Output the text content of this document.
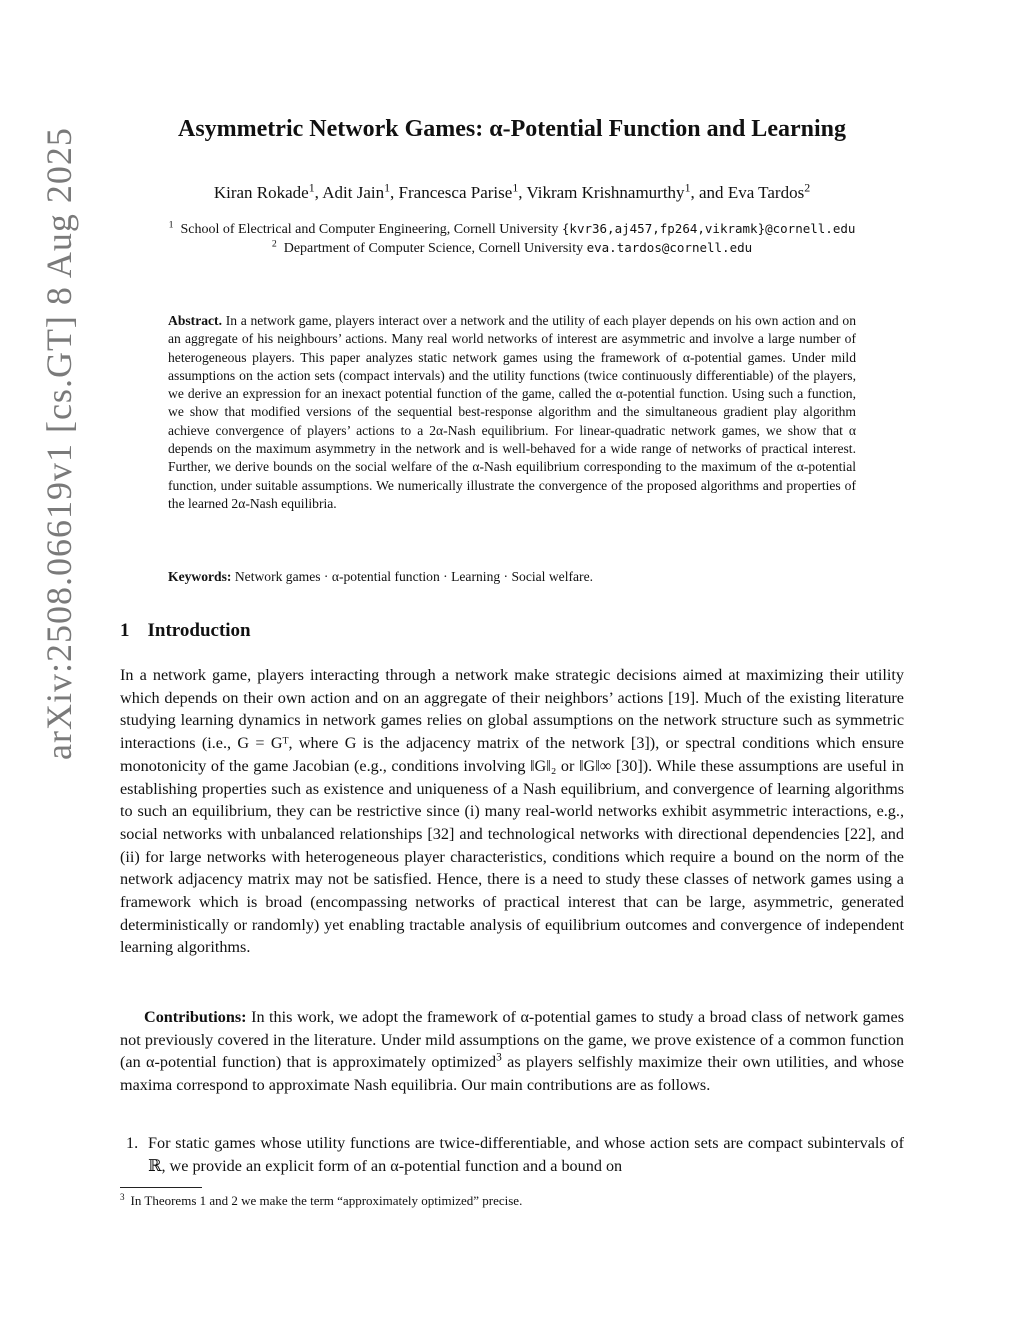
arXiv:2508.06619v1 [cs.GT] 8 Aug 2025	Asymmetric Network Games: α-Potential Function and Learning
Kiran Rokade$^1$, Adit Jain$^1$, Francesca Parise$^1$, Vikram Krishnamurthy$^1$, and Eva Tardos$^2$
$^1$ School of Electrical and Computer Engineering, Cornell University {kvr36,aj457,fp264,vikramk}@cornell.edu
$^2$ Department of Computer Science, Cornell University eva.tardos@cornell.edu
Abstract. In a network game, players interact over a network and the utility of each player depends on his own action and on an aggregate of his neighbours’ actions. Many real world networks of interest are asymmetric and involve a large number of heterogeneous players. This paper analyzes static network games using the framework of α-potential games. Under mild assumptions on the action sets (compact intervals) and the utility functions (twice continuously differentiable) of the players, we derive an expression for an inexact potential function of the game, called the α-potential function. Using such a function, we show that modified versions of the sequential best-response algorithm and the simultaneous gradient play algorithm achieve convergence of players’ actions to a 2α-Nash equilibrium. For linear-quadratic network games, we show that α depends on the maximum asymmetry in the network and is well-behaved for a wide range of networks of practical interest. Further, we derive bounds on the social welfare of the α-Nash equilibrium corresponding to the maximum of the α-potential function, under suitable assumptions. We numerically illustrate the convergence of the proposed algorithms and properties of the learned 2α-Nash equilibria.
Keywords: Network games · α-potential function · Learning · Social welfare.
1 Introduction
In a network game, players interacting through a network make strategic decisions aimed at maximizing their utility which depends on their own action and on an aggregate of their neighbors’ actions [19]. Much of the existing literature studying learning dynamics in network games relies on global assumptions on the network structure such as symmetric interactions (i.e., G = Gᵀ, where G is the adjacency matrix of the network [3]), or spectral conditions which ensure monotonicity of the game Jacobian (e.g., conditions involving ‖G‖₂ or ‖G‖∞ [30]). While these assumptions are useful in establishing properties such as existence and uniqueness of a Nash equilibrium, and convergence of learning algorithms to such an equilibrium, they can be restrictive since (i) many real-world networks exhibit asymmetric interactions, e.g., social networks with unbalanced relationships [32] and technological networks with directional dependencies [22], and (ii) for large networks with heterogeneous player characteristics, conditions which require a bound on the norm of the network adjacency matrix may not be satisfied. Hence, there is a need to study these classes of network games using a framework which is broad (encompassing networks of practical interest that can be large, asymmetric, generated deterministically or randomly) yet enabling tractable analysis of equilibrium outcomes and convergence of independent learning algorithms.
Contributions: In this work, we adopt the framework of α-potential games to study a broad class of network games not previously covered in the literature. Under mild assumptions on the game, we prove existence of a common function (an α-potential function) that is approximately optimized$^3$ as players selfishly maximize their own utilities, and whose maxima correspond to approximate Nash equilibria. Our main contributions are as follows.
1. For static games whose utility functions are twice-differentiable, and whose action sets are compact subintervals of ℝ, we provide an explicit form of an α-potential function and a bound on
$^3$ In Theorems 1 and 2 we make the term “approximately optimized” precise.
